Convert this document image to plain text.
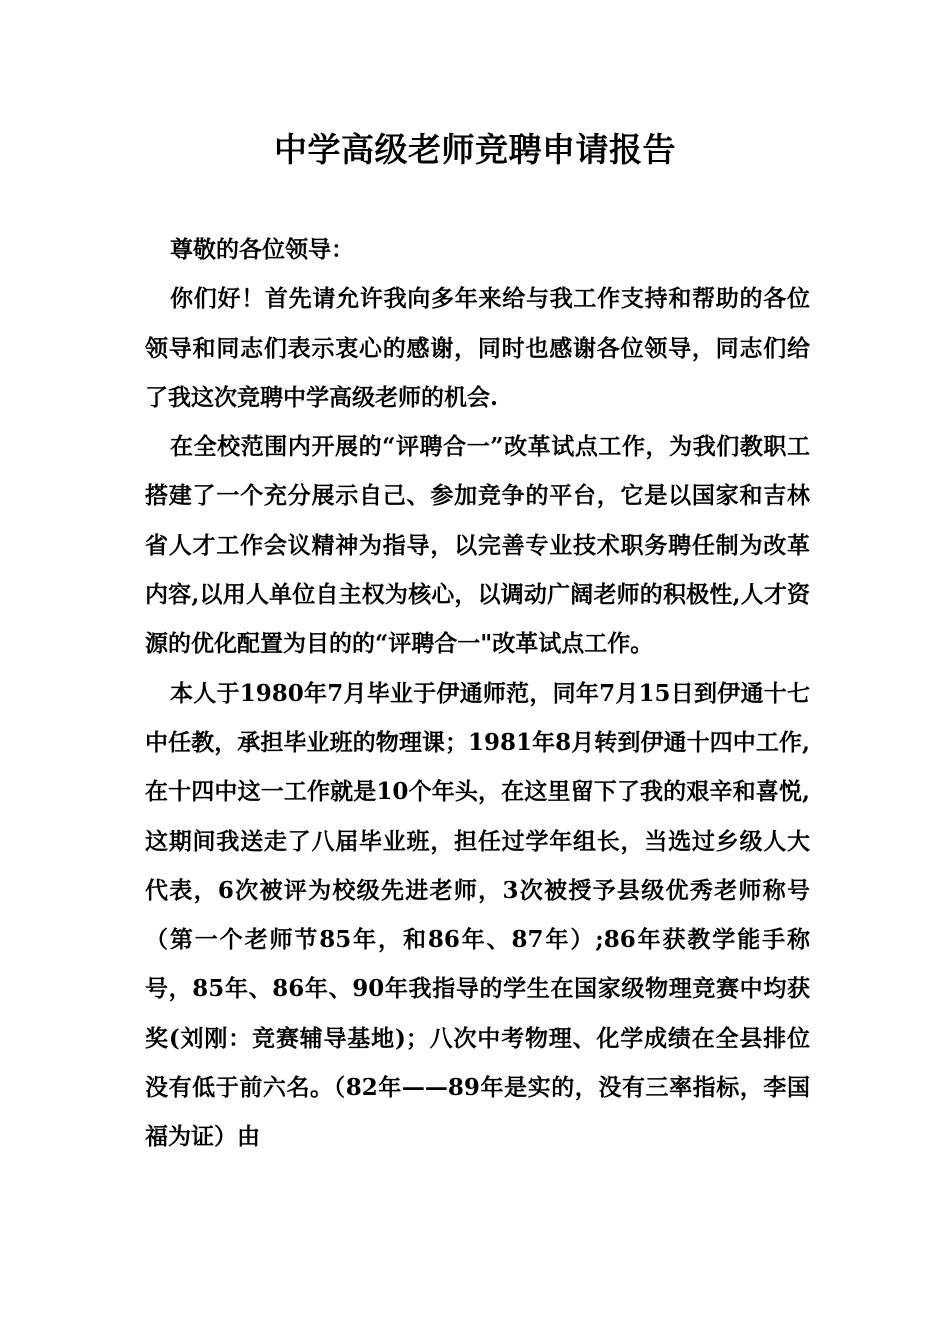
中学高级老师竞聘申请报告

尊敬的各位领导：

你们好！首先请允许我向多年来给与我工作支持和帮助的各位领导和同志们表示衷心的感谢，同时也感谢各位领导，同志们给了我这次竞聘中学高级老师的机会.

在全校范围内开展的“评聘合一”改革试点工作，为我们教职工搭建了一个充分展示自己、参加竞争的平台，它是以国家和吉林省人才工作会议精神为指导，以完善专业技术职务聘任制为改革内容,以用人单位自主权为核心，以调动广阔老师的积极性,人才资源的优化配置为目的的“评聘合一"改革试点工作。

本人于1980年7月毕业于伊通师范，同年7月15日到伊通十七中任教，承担毕业班的物理课；1981年8月转到伊通十四中工作,在十四中这一工作就是10个年头，在这里留下了我的艰辛和喜悦,这期间我送走了八届毕业班，担任过学年组长，当选过乡级人大代表，6次被评为校级先进老师，3次被授予县级优秀老师称号（第一个老师节85年，和86年、87年）;86年获教学能手称号，85年、86年、90年我指导的学生在国家级物理竞赛中均获奖(刘刚：竞赛辅导基地)；八次中考物理、化学成绩在全县排位没有低于前六名。（82年——89年是实的，没有三率指标，李国福为证）由
